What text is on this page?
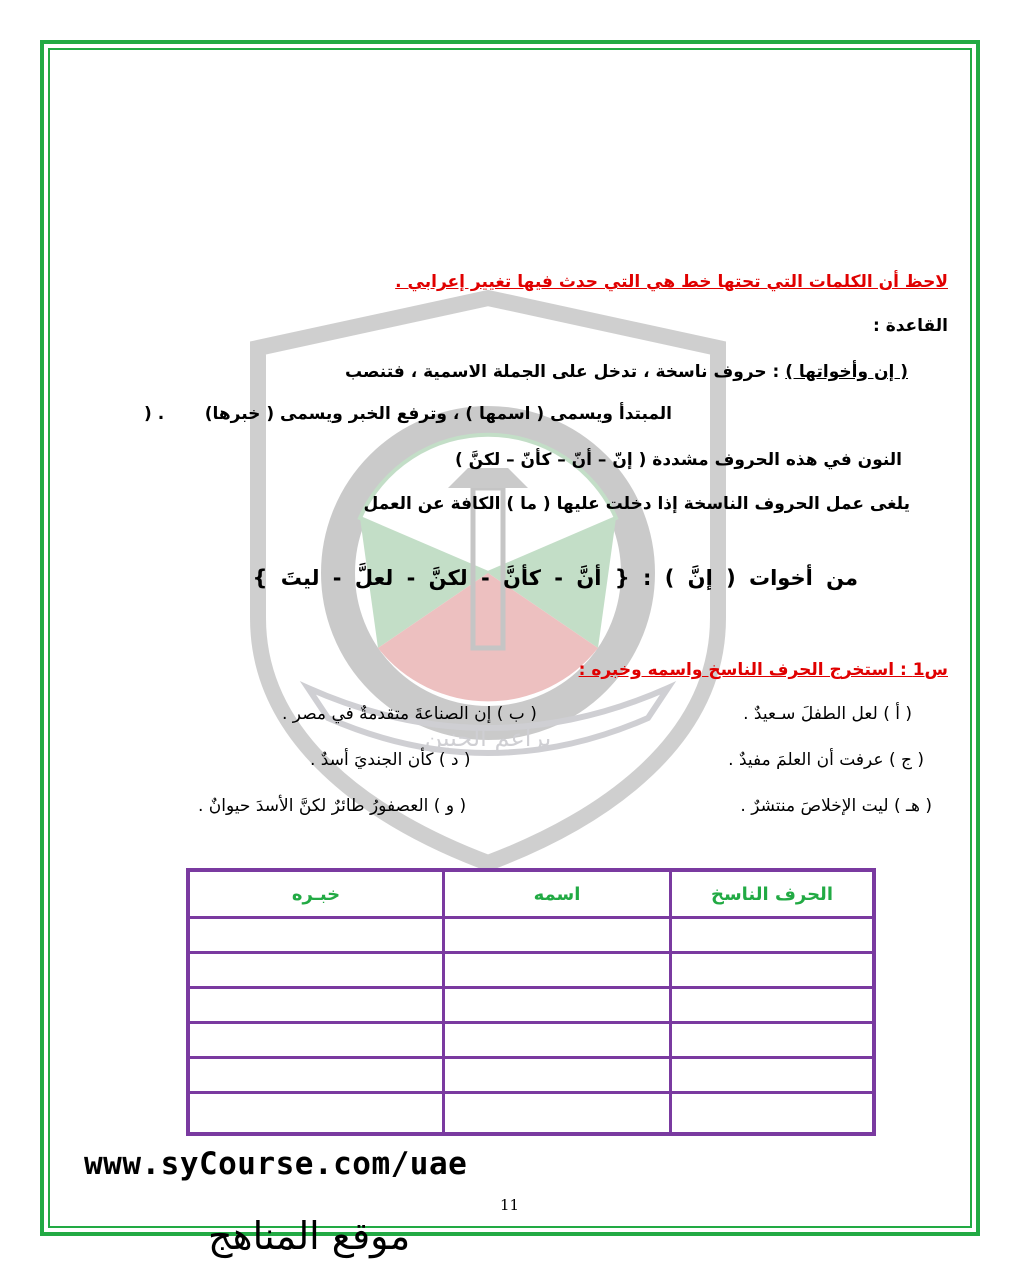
براعم الحنين
لاحظ أن الكلمات التي تحتها خط هي التي حدث فيها تغيير إعرابي .
القاعدة :
( إن وأخواتها ) : حروف ناسخة ، تدخل على الجملة الاسمية ، فتنصب
المبتدأ ويسمى ( اسمها ) ، وترفع الخبر ويسمى ( خبرها)
) .
النون في هذه الحروف مشددة ( إنّ – أنّ – كأنّ – لكنَّ )
يلغى عمل الحروف الناسخة إذا دخلت عليها ( ما ) الكافة عن العمل
من أخوات ( إنَّ ) : { أنَّ - كأنَّ - لكنَّ - لعلَّ - ليتَ }
س1 : استخرج الحرف الناسخ واسمه وخبره :
( أ ) لعل الطفلَ سـعيدٌ .
( ب ) إن الصناعةَ متقدمةٌ في مصر .
( ج ) عرفت أن العلمَ مفيدٌ .
( د ) كأن الجنديَ أسدٌ .
( هـ ) ليت الإخلاصَ منتشرٌ .
( و ) العصفورُ طائرٌ لكنَّ الأسدَ حيوانٌ .
الحرف الناسخ	اسمه	خبـره

www.syCourse.com/uae
11
موقع المناهج
